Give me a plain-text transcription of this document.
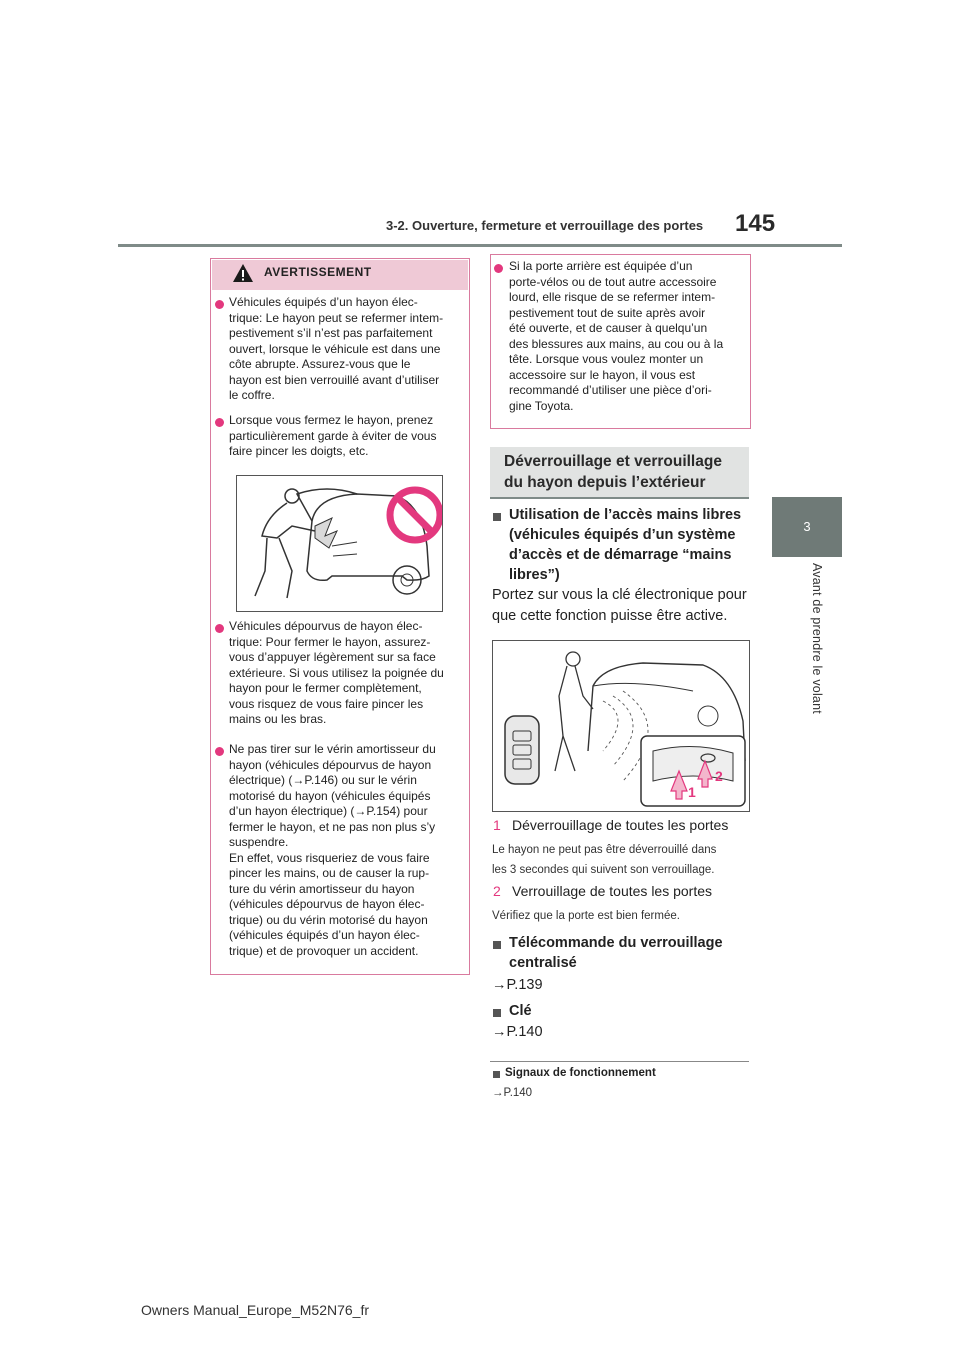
3-2. Ouverture, fermeture et verrouillage des portes 145
3
Avant de prendre le volant
AVERTISSEMENT
Véhicules équipés d’un hayon élec-
trique: Le hayon peut se refermer intem-
pestivement s’il n’est pas parfaitement
ouvert, lorsque le véhicule est dans une
côte abrupte. Assurez-vous que le
hayon est bien verrouillé avant d’utiliser
le coffre.
Lorsque vous fermez le hayon, prenez
particulièrement garde à éviter de vous
faire pincer les doigts, etc.
Véhicules dépourvus de hayon élec-
trique: Pour fermer le hayon, assurez-
vous d’appuyer légèrement sur sa face
extérieure. Si vous utilisez la poignée du
hayon pour le fermer complètement,
vous risquez de vous faire pincer les
mains ou les bras.
Ne pas tirer sur le vérin amortisseur du
hayon (véhicules dépourvus de hayon
électrique) (→P.146) ou sur le vérin
motorisé du hayon (véhicules équipés
d’un hayon électrique) (→P.154) pour
fermer le hayon, et ne pas non plus s’y
suspendre.
En effet, vous risqueriez de vous faire
pincer les mains, ou de causer la rup-
ture du vérin amortisseur du hayon
(véhicules dépourvus de hayon élec-
trique) ou du vérin motorisé du hayon
(véhicules équipés d’un hayon élec-
trique) et de provoquer un accident.
Si la porte arrière est équipée d’un
porte-vélos ou de tout autre accessoire
lourd, elle risque de se refermer intem-
pestivement tout de suite après avoir
été ouverte, et de causer à quelqu’un
des blessures aux mains, au cou ou à la
tête. Lorsque vous voulez monter un
accessoire sur le hayon, il vous est
recommandé d’utiliser une pièce d’ori-
gine Toyota.
Déverrouillage et verrouillage
du hayon depuis l’extérieur
Utilisation de l’accès mains libres
(véhicules équipés d’un système
d’accès et de démarrage “mains
libres”)
Portez sur vous la clé électronique pour
que cette fonction puisse être active.
1
2
1 Déverrouillage de toutes les portes
Le hayon ne peut pas être déverrouillé dans
les 3 secondes qui suivent son verrouillage.
2 Verrouillage de toutes les portes
Vérifiez que la porte est bien fermée.
Télécommande du verrouillage
centralisé
→P.139
Clé
→P.140
Signaux de fonctionnement
→P.140
Owners Manual_Europe_M52N76_fr
